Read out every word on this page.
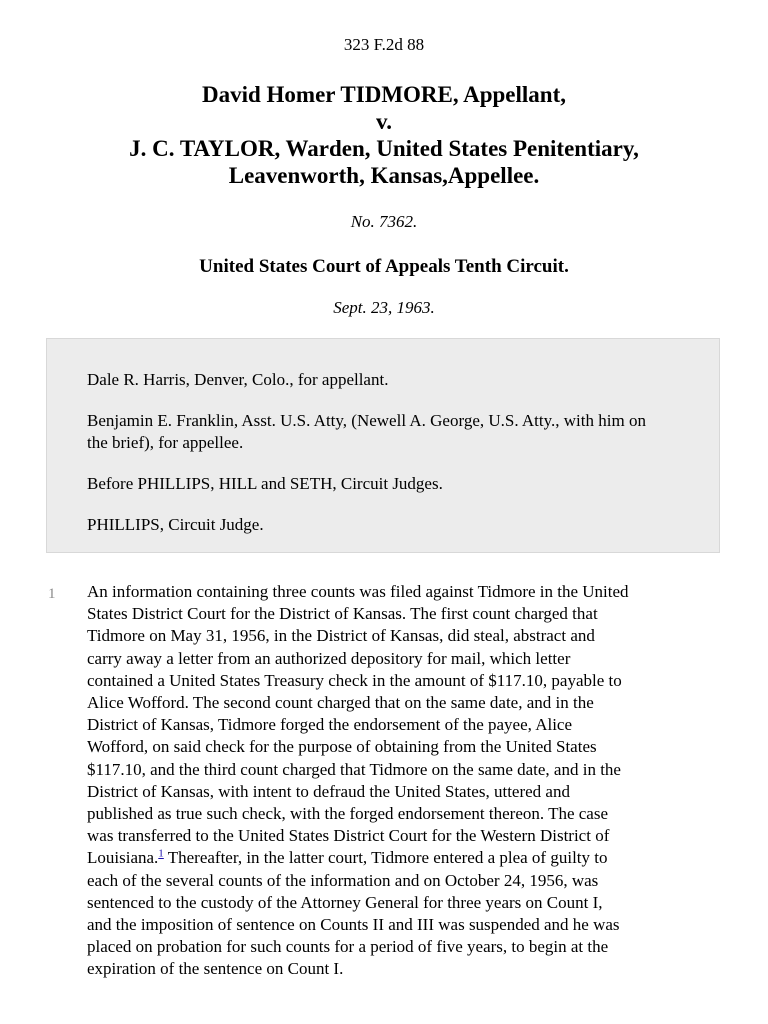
323 F.2d 88
David Homer TIDMORE, Appellant,
v.
J. C. TAYLOR, Warden, United States Penitentiary,
Leavenworth, Kansas,Appellee.
No. 7362.
United States Court of Appeals Tenth Circuit.
Sept. 23, 1963.

Dale R. Harris, Denver, Colo., for appellant.

Benjamin E. Franklin, Asst. U.S. Atty, (Newell A. George, U.S. Atty., with him on the brief), for appellee.

Before PHILLIPS, HILL and SETH, Circuit Judges.

PHILLIPS, Circuit Judge.

1 An information containing three counts was filed against Tidmore in the United
States District Court for the District of Kansas. The first count charged that
Tidmore on May 31, 1956, in the District of Kansas, did steal, abstract and
carry away a letter from an authorized depository for mail, which letter
contained a United States Treasury check in the amount of $117.10, payable to
Alice Wofford. The second count charged that on the same date, and in the
District of Kansas, Tidmore forged the endorsement of the payee, Alice
Wofford, on said check for the purpose of obtaining from the United States
$117.10, and the third count charged that Tidmore on the same date, and in the
District of Kansas, with intent to defraud the United States, uttered and
published as true such check, with the forged endorsement thereon. The case
was transferred to the United States District Court for the Western District of
Louisiana.$^1$ Thereafter, in the latter court, Tidmore entered a plea of guilty to
each of the several counts of the information and on October 24, 1956, was
sentenced to the custody of the Attorney General for three years on Count I,
and the imposition of sentence on Counts II and III was suspended and he was
placed on probation for such counts for a period of five years, to begin at the
expiration of the sentence on Count I.
